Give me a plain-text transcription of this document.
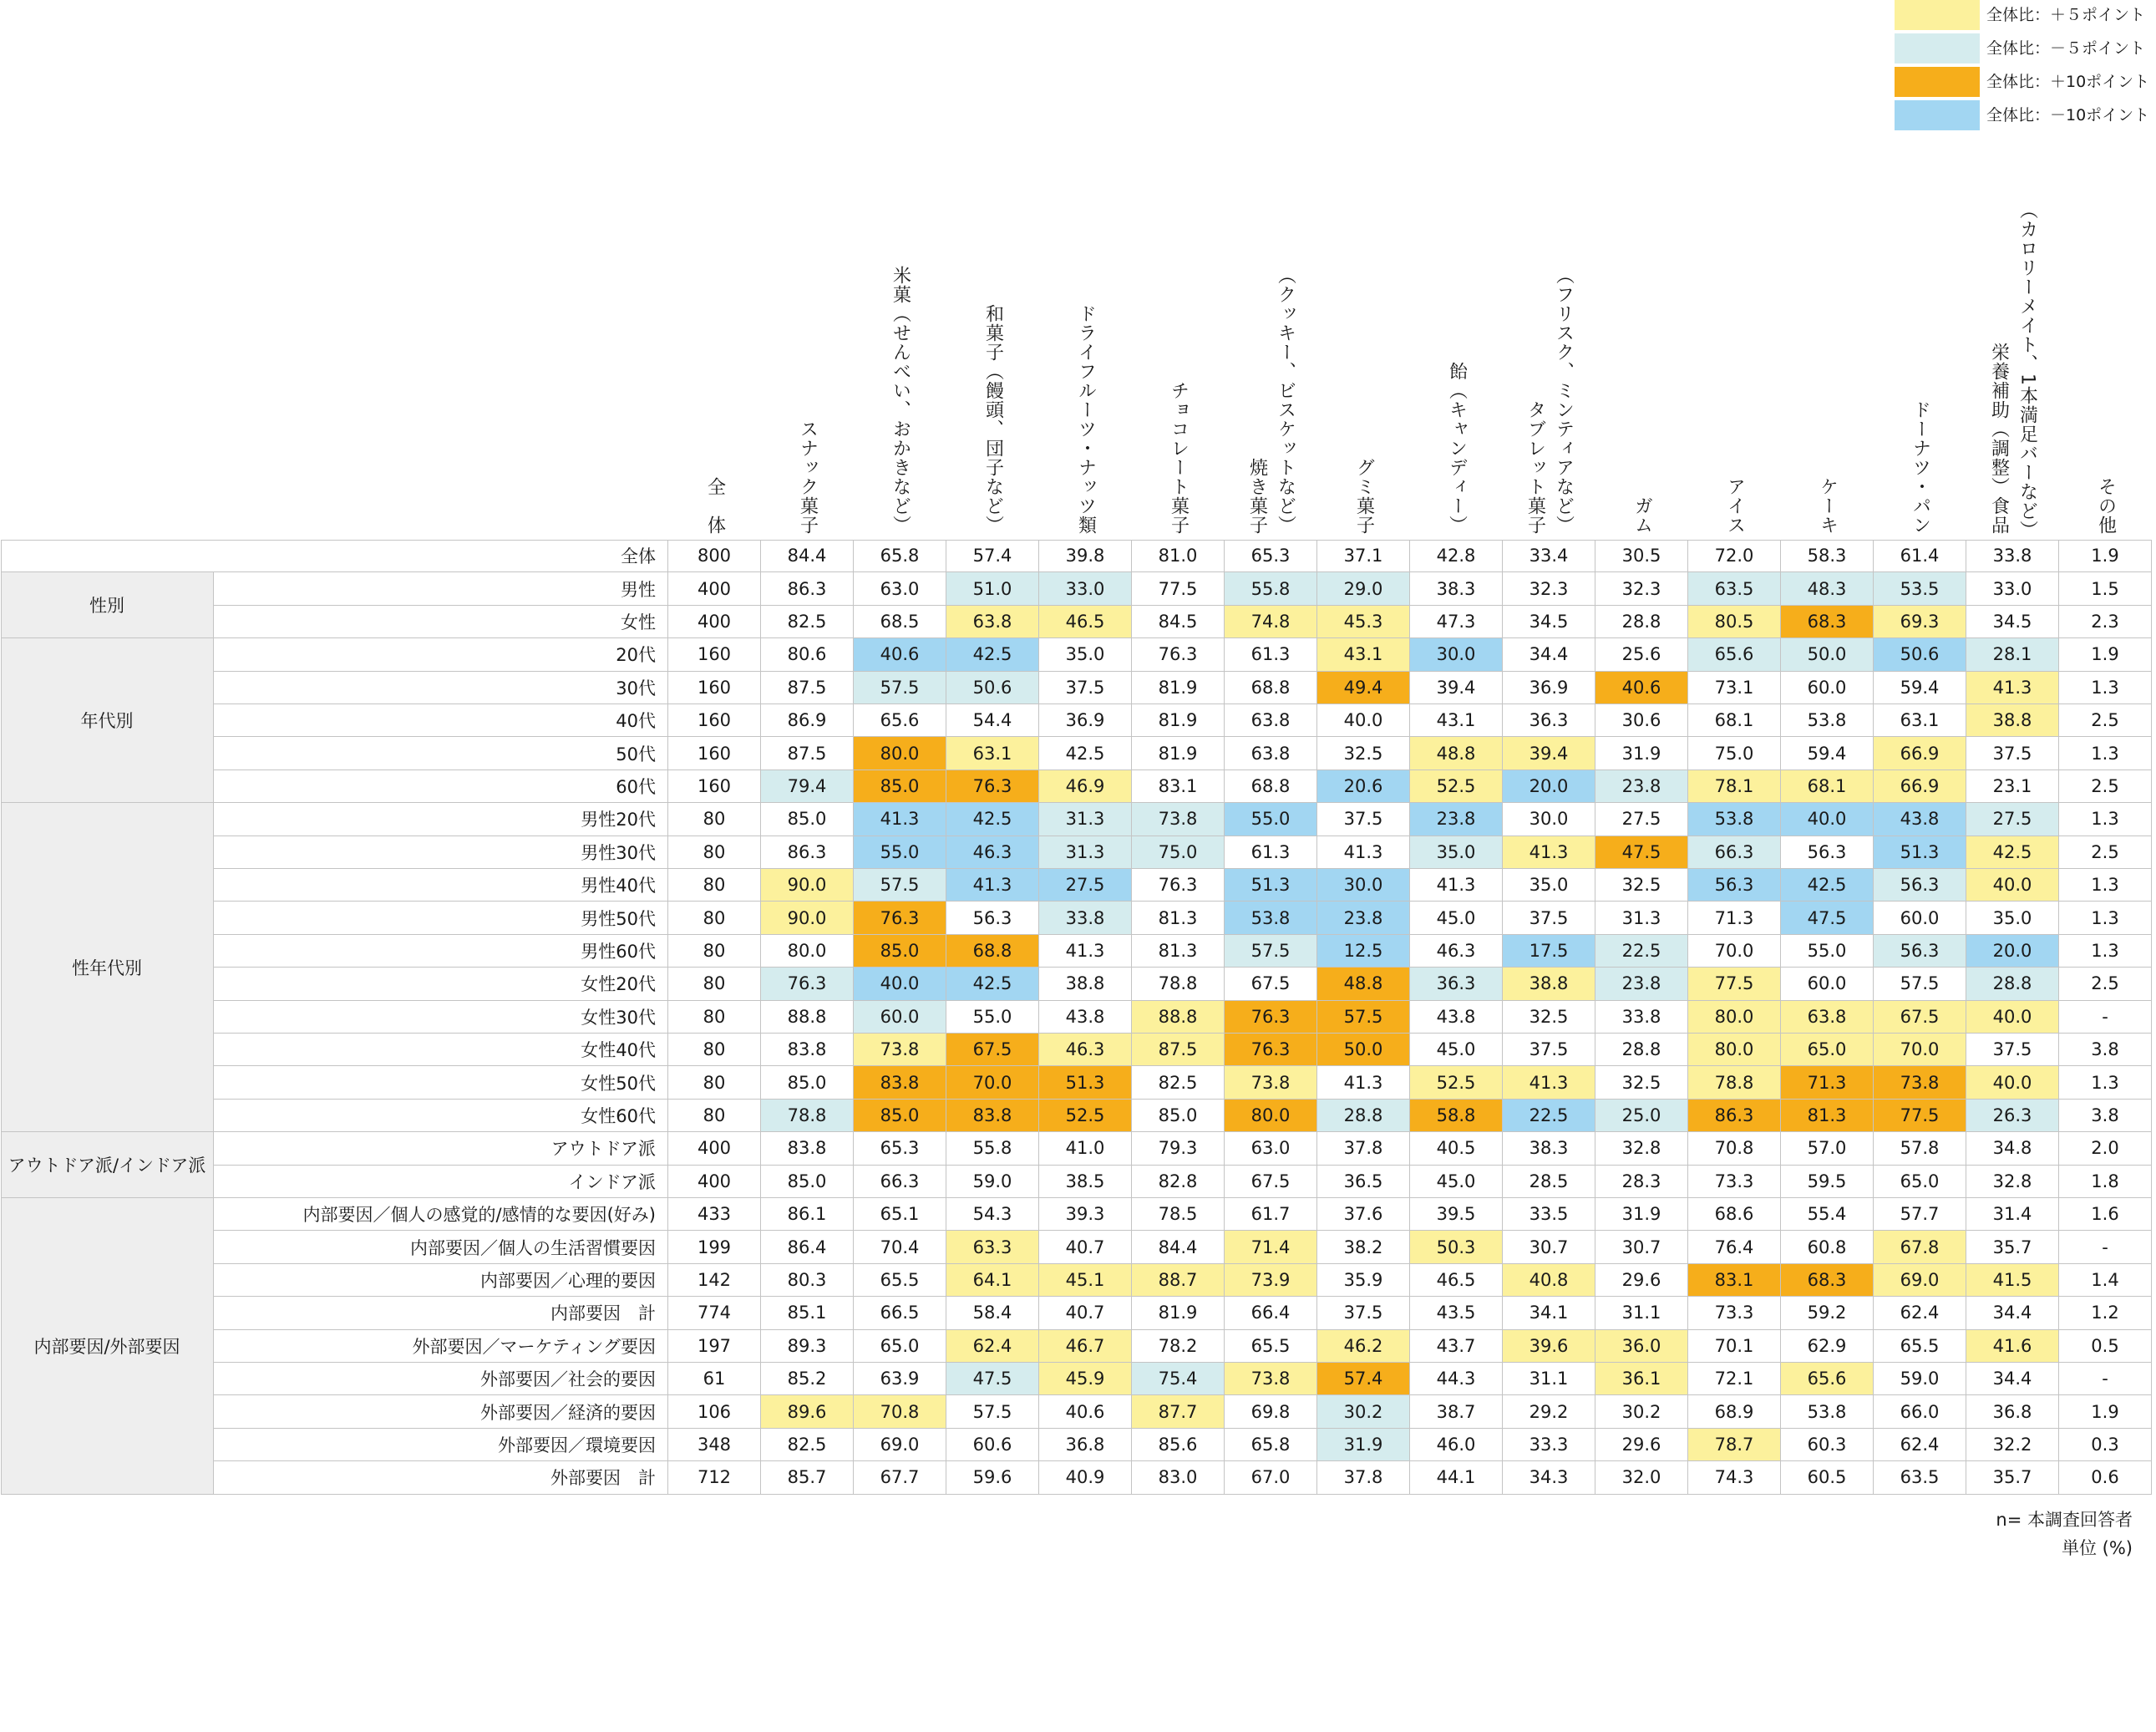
全体比：＋５ポイント
全体比：－５ポイント
全体比：＋10ポイント
全体比：－10ポイント
全 体	スナック菓子	米菓（せんべい、おかきなど）	和菓子（饅頭、団子など）	ドライフルーツ・ナッツ類	チョコレート菓子	焼き菓子 （クッキー、ビスケットなど）	グミ菓子	飴（キャンディー）	タブレット菓子 （フリスク、ミンティアなど）	ガム	アイス	ケーキ	ドーナツ・パン	栄養補助（調整）食品 （カロリーメイト、1本満足バーなど）	その他
全体	800	84.4	65.8	57.4	39.8	81.0	65.3	37.1	42.8	33.4	30.5	72.0	58.3	61.4	33.8	1.9
男性	400	86.3	63.0	51.0	33.0	77.5	55.8	29.0	38.3	32.3	32.3	63.5	48.3	53.5	33.0	1.5
女性	400	82.5	68.5	63.8	46.5	84.5	74.8	45.3	47.3	34.5	28.8	80.5	68.3	69.3	34.5	2.3
性別
20代	160	80.6	40.6	42.5	35.0	76.3	61.3	43.1	30.0	34.4	25.6	65.6	50.0	50.6	28.1	1.9
30代	160	87.5	57.5	50.6	37.5	81.9	68.8	49.4	39.4	36.9	40.6	73.1	60.0	59.4	41.3	1.3
40代	160	86.9	65.6	54.4	36.9	81.9	63.8	40.0	43.1	36.3	30.6	68.1	53.8	63.1	38.8	2.5
50代	160	87.5	80.0	63.1	42.5	81.9	63.8	32.5	48.8	39.4	31.9	75.0	59.4	66.9	37.5	1.3
60代	160	79.4	85.0	76.3	46.9	83.1	68.8	20.6	52.5	20.0	23.8	78.1	68.1	66.9	23.1	2.5
年代別
男性20代	80	85.0	41.3	42.5	31.3	73.8	55.0	37.5	23.8	30.0	27.5	53.8	40.0	43.8	27.5	1.3
男性30代	80	86.3	55.0	46.3	31.3	75.0	61.3	41.3	35.0	41.3	47.5	66.3	56.3	51.3	42.5	2.5
男性40代	80	90.0	57.5	41.3	27.5	76.3	51.3	30.0	41.3	35.0	32.5	56.3	42.5	56.3	40.0	1.3
男性50代	80	90.0	76.3	56.3	33.8	81.3	53.8	23.8	45.0	37.5	31.3	71.3	47.5	60.0	35.0	1.3
男性60代	80	80.0	85.0	68.8	41.3	81.3	57.5	12.5	46.3	17.5	22.5	70.0	55.0	56.3	20.0	1.3
女性20代	80	76.3	40.0	42.5	38.8	78.8	67.5	48.8	36.3	38.8	23.8	77.5	60.0	57.5	28.8	2.5
女性30代	80	88.8	60.0	55.0	43.8	88.8	76.3	57.5	43.8	32.5	33.8	80.0	63.8	67.5	40.0	-
女性40代	80	83.8	73.8	67.5	46.3	87.5	76.3	50.0	45.0	37.5	28.8	80.0	65.0	70.0	37.5	3.8
女性50代	80	85.0	83.8	70.0	51.3	82.5	73.8	41.3	52.5	41.3	32.5	78.8	71.3	73.8	40.0	1.3
女性60代	80	78.8	85.0	83.8	52.5	85.0	80.0	28.8	58.8	22.5	25.0	86.3	81.3	77.5	26.3	3.8
性年代別
アウトドア派	400	83.8	65.3	55.8	41.0	79.3	63.0	37.8	40.5	38.3	32.8	70.8	57.0	57.8	34.8	2.0
インドア派	400	85.0	66.3	59.0	38.5	82.8	67.5	36.5	45.0	28.5	28.3	73.3	59.5	65.0	32.8	1.8
アウトドア派/インドア派
内部要因／個人の感覚的/感情的な要因(好み)	433	86.1	65.1	54.3	39.3	78.5	61.7	37.6	39.5	33.5	31.9	68.6	55.4	57.7	31.4	1.6
内部要因／個人の生活習慣要因	199	86.4	70.4	63.3	40.7	84.4	71.4	38.2	50.3	30.7	30.7	76.4	60.8	67.8	35.7	-
内部要因／心理的要因	142	80.3	65.5	64.1	45.1	88.7	73.9	35.9	46.5	40.8	29.6	83.1	68.3	69.0	41.5	1.4
内部要因　計	774	85.1	66.5	58.4	40.7	81.9	66.4	37.5	43.5	34.1	31.1	73.3	59.2	62.4	34.4	1.2
外部要因／マーケティング要因	197	89.3	65.0	62.4	46.7	78.2	65.5	46.2	43.7	39.6	36.0	70.1	62.9	65.5	41.6	0.5
外部要因／社会的要因	61	85.2	63.9	47.5	45.9	75.4	73.8	57.4	44.3	31.1	36.1	72.1	65.6	59.0	34.4	-
外部要因／経済的要因	106	89.6	70.8	57.5	40.6	87.7	69.8	30.2	38.7	29.2	30.2	68.9	53.8	66.0	36.8	1.9
外部要因／環境要因	348	82.5	69.0	60.6	36.8	85.6	65.8	31.9	46.0	33.3	29.6	78.7	60.3	62.4	32.2	0.3
外部要因　計	712	85.7	67.7	59.6	40.9	83.0	67.0	37.8	44.1	34.3	32.0	74.3	60.5	63.5	35.7	0.6
内部要因/外部要因
n= 本調査回答者
単位 (%)
